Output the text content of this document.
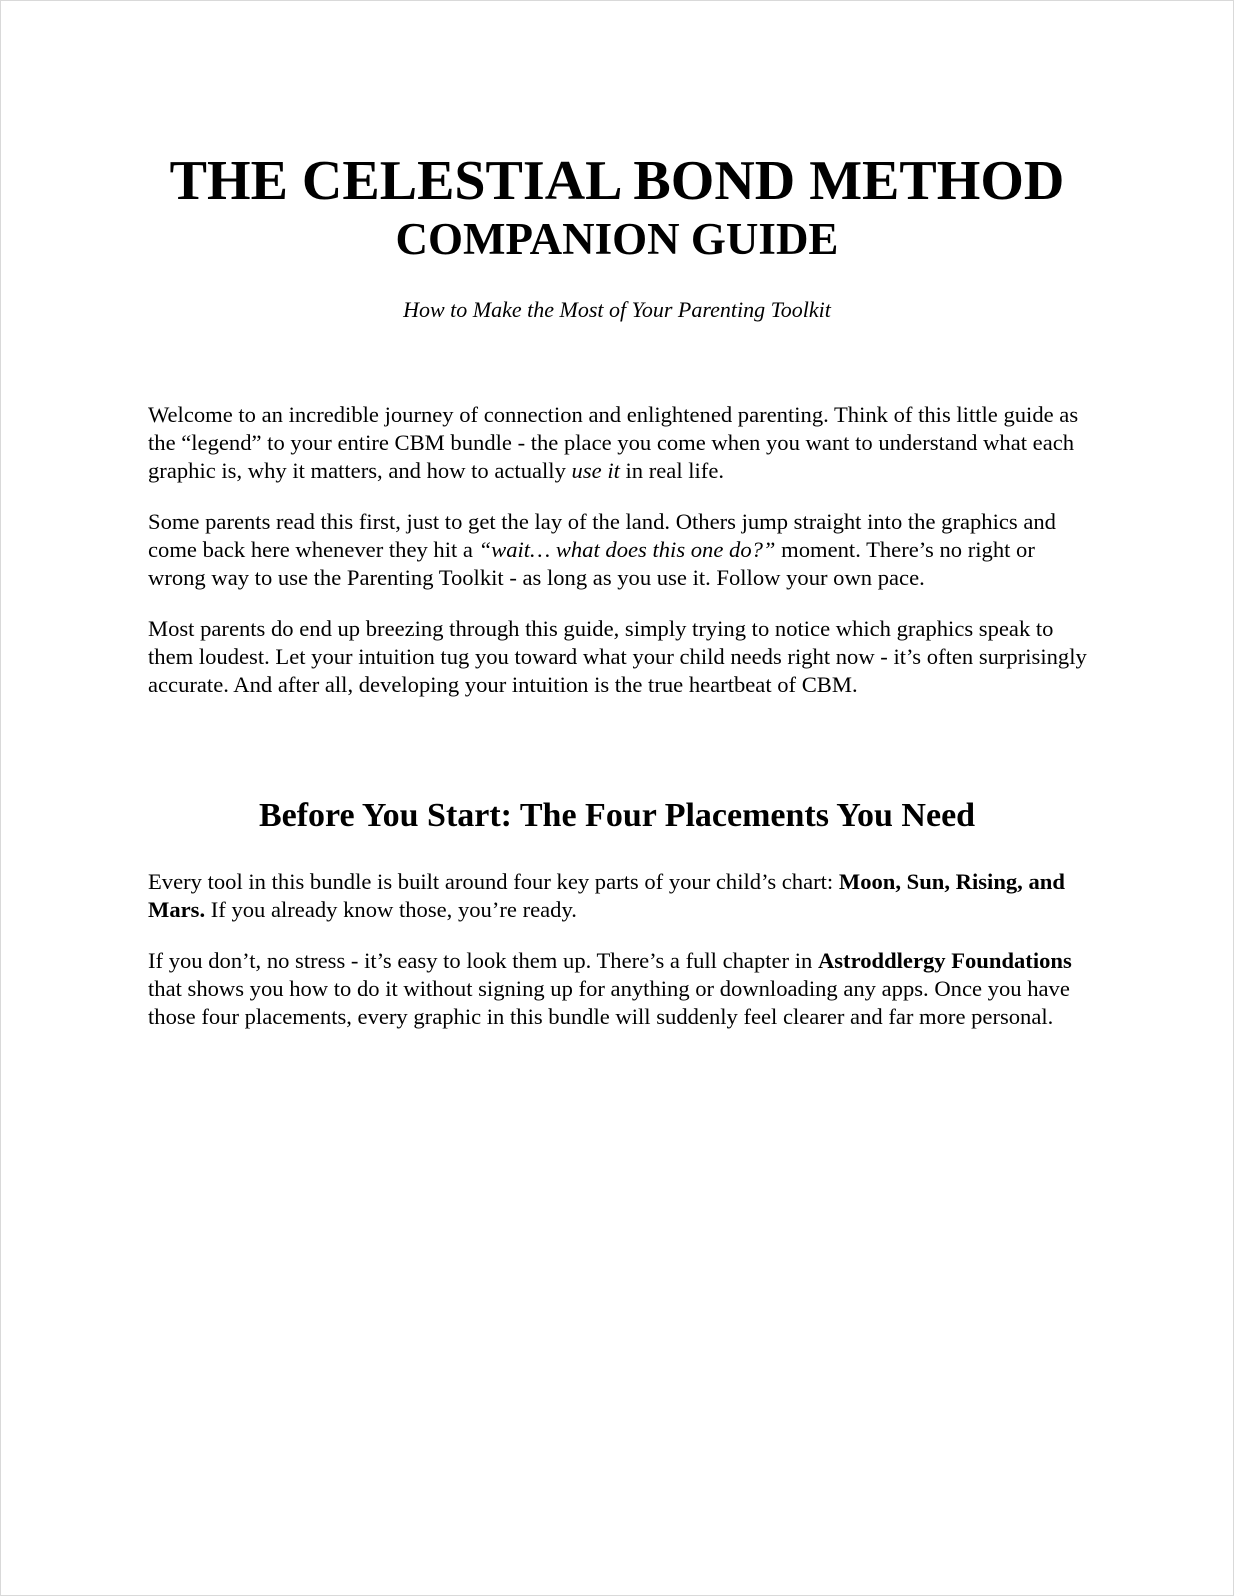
THE CELESTIAL BOND METHOD
COMPANION GUIDE
How to Make the Most of Your Parenting Toolkit

Welcome to an incredible journey of connection and enlightened parenting. Think of this little guide as the “legend” to your entire CBM bundle - the place you come when you want to understand what each graphic is, why it matters, and how to actually use it in real life.

Some parents read this first, just to get the lay of the land. Others jump straight into the graphics and come back here whenever they hit a “wait… what does this one do?” moment. There’s no right or wrong way to use the Parenting Toolkit - as long as you use it. Follow your own pace.

Most parents do end up breezing through this guide, simply trying to notice which graphics speak to them loudest. Let your intuition tug you toward what your child needs right now - it’s often surprisingly accurate. And after all, developing your intuition is the true heartbeat of CBM.

Before You Start: The Four Placements You Need

Every tool in this bundle is built around four key parts of your child’s chart: Moon, Sun, Rising, and Mars. If you already know those, you’re ready.

If you don’t, no stress - it’s easy to look them up. There’s a full chapter in Astroddlergy Foundations that shows you how to do it without signing up for anything or downloading any apps. Once you have those four placements, every graphic in this bundle will suddenly feel clearer and far more personal.
